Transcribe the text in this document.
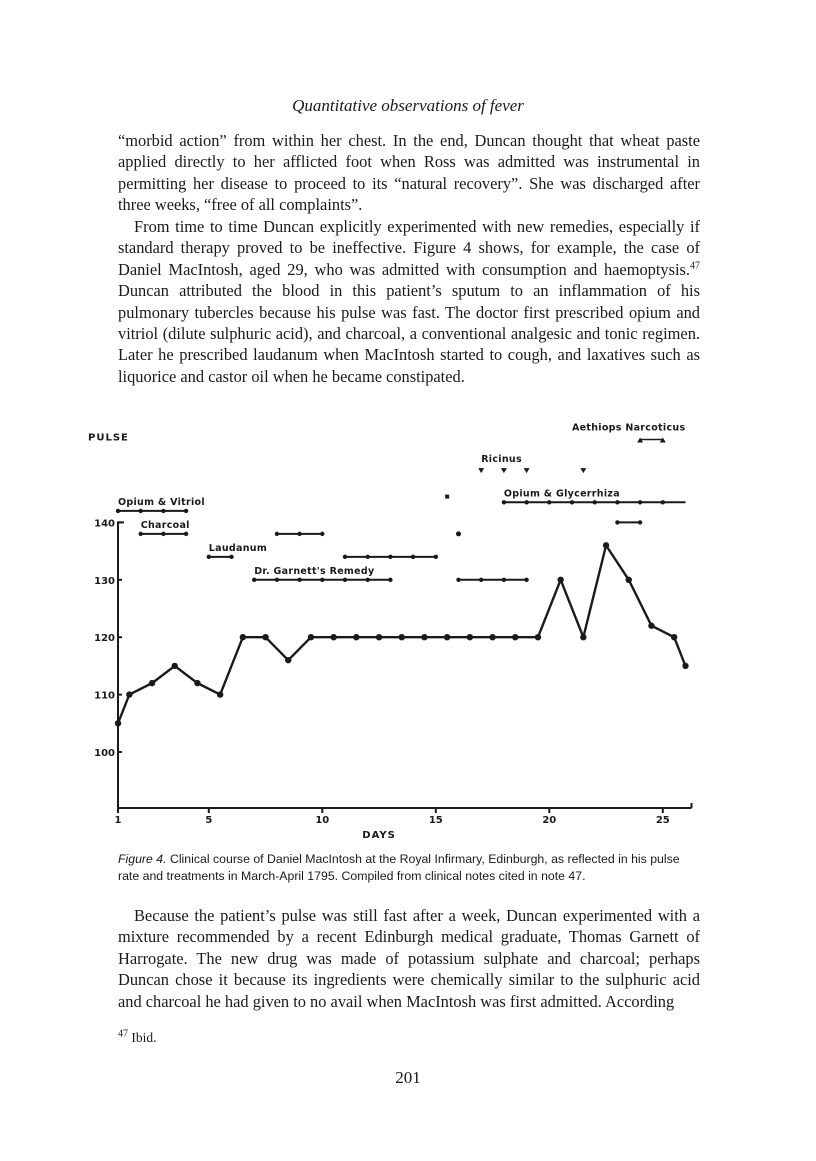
Quantitative observations of fever

“morbid action” from within her chest. In the end, Duncan thought that wheat paste applied directly to her afflicted foot when Ross was admitted was instrumental in permitting her disease to proceed to its “natural recovery”. She was discharged after three weeks, “free of all complaints”.

From time to time Duncan explicitly experimented with new remedies, especially if standard therapy proved to be ineffective. Figure 4 shows, for example, the case of Daniel MacIntosh, aged 29, who was admitted with consumption and haemoptysis.$^{47}$ Duncan attributed the blood in this patient’s sputum to an inflammation of his pulmonary tubercles because his pulse was fast. The doctor first prescribed opium and vitriol (dilute sulphuric acid), and charcoal, a conventional analgesic and tonic regimen. Later he prescribed laudanum when MacIntosh started to cough, and laxatives such as liquorice and castor oil when he became constipated.

100
110
120
130
140
1	5	10	15	20	25
DAYS
PULSE
Opium & Vitriol
Charcoal
Laudanum
Dr. Garnett's Remedy
Opium & Glycerrhiza
Ricinus
Aethiops Narcoticus

Figure 4. Clinical course of Daniel MacIntosh at the Royal Infirmary, Edinburgh, as reflected in his pulse rate and treatments in March-April 1795. Compiled from clinical notes cited in note 47.

Because the patient’s pulse was still fast after a week, Duncan experimented with a mixture recommended by a recent Edinburgh medical graduate, Thomas Garnett of Harrogate. The new drug was made of potassium sulphate and charcoal; perhaps Duncan chose it because its ingredients were chemically similar to the sulphuric acid and charcoal he had given to no avail when MacIntosh was first admitted. According

$^{47}$ Ibid.
201
